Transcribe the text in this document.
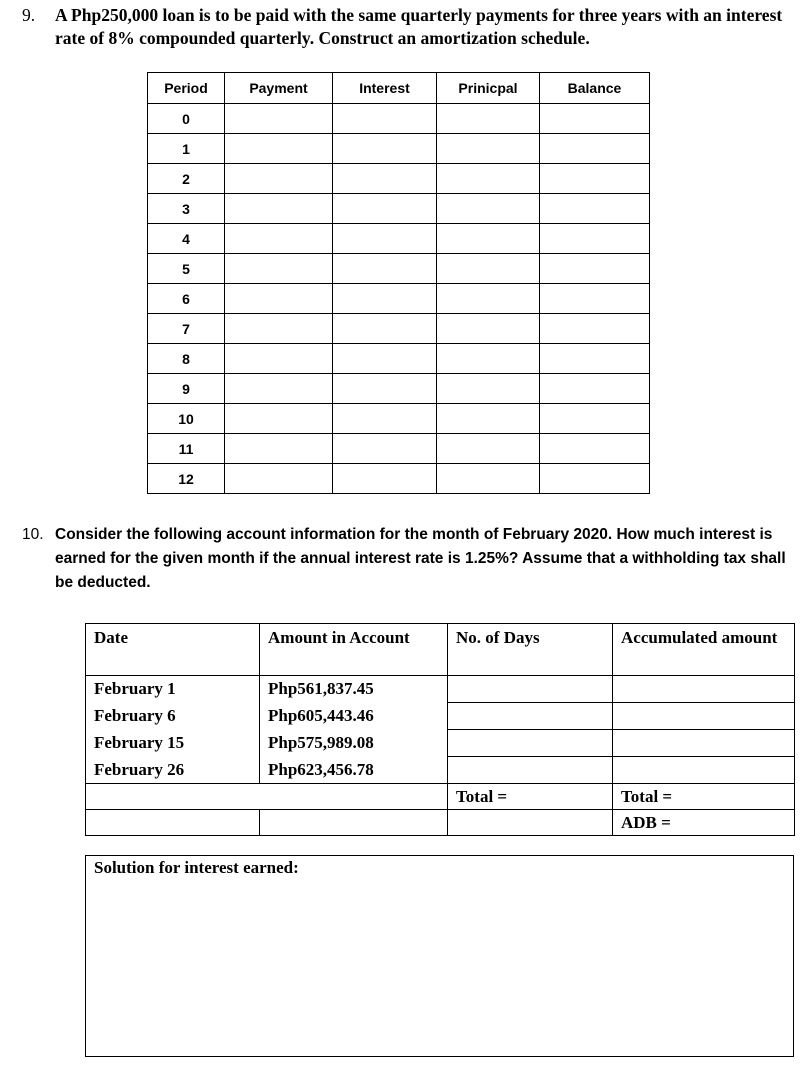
9. A Php250,000 loan is to be paid with the same quarterly payments for three years with an interest rate of 8% compounded quarterly. Construct an amortization schedule.
Period	Payment	Interest	Prinicpal	Balance
0				
1				
2				
3				
4				
5				
6				
7				
8				
9				
10				
11				
12				
10. Consider the following account information for the month of February 2020. How much interest is earned for the given month if the annual interest rate is 1.25%? Assume that a withholding tax shall be deducted.
Date	Amount in Account	No. of Days	Accumulated amount
February 1	Php561,837.45		
February 6	Php605,443.46		
February 15	Php575,989.08		
February 26	Php623,456.78		
		Total =	Total =
			ADB =
Solution for interest earned:
